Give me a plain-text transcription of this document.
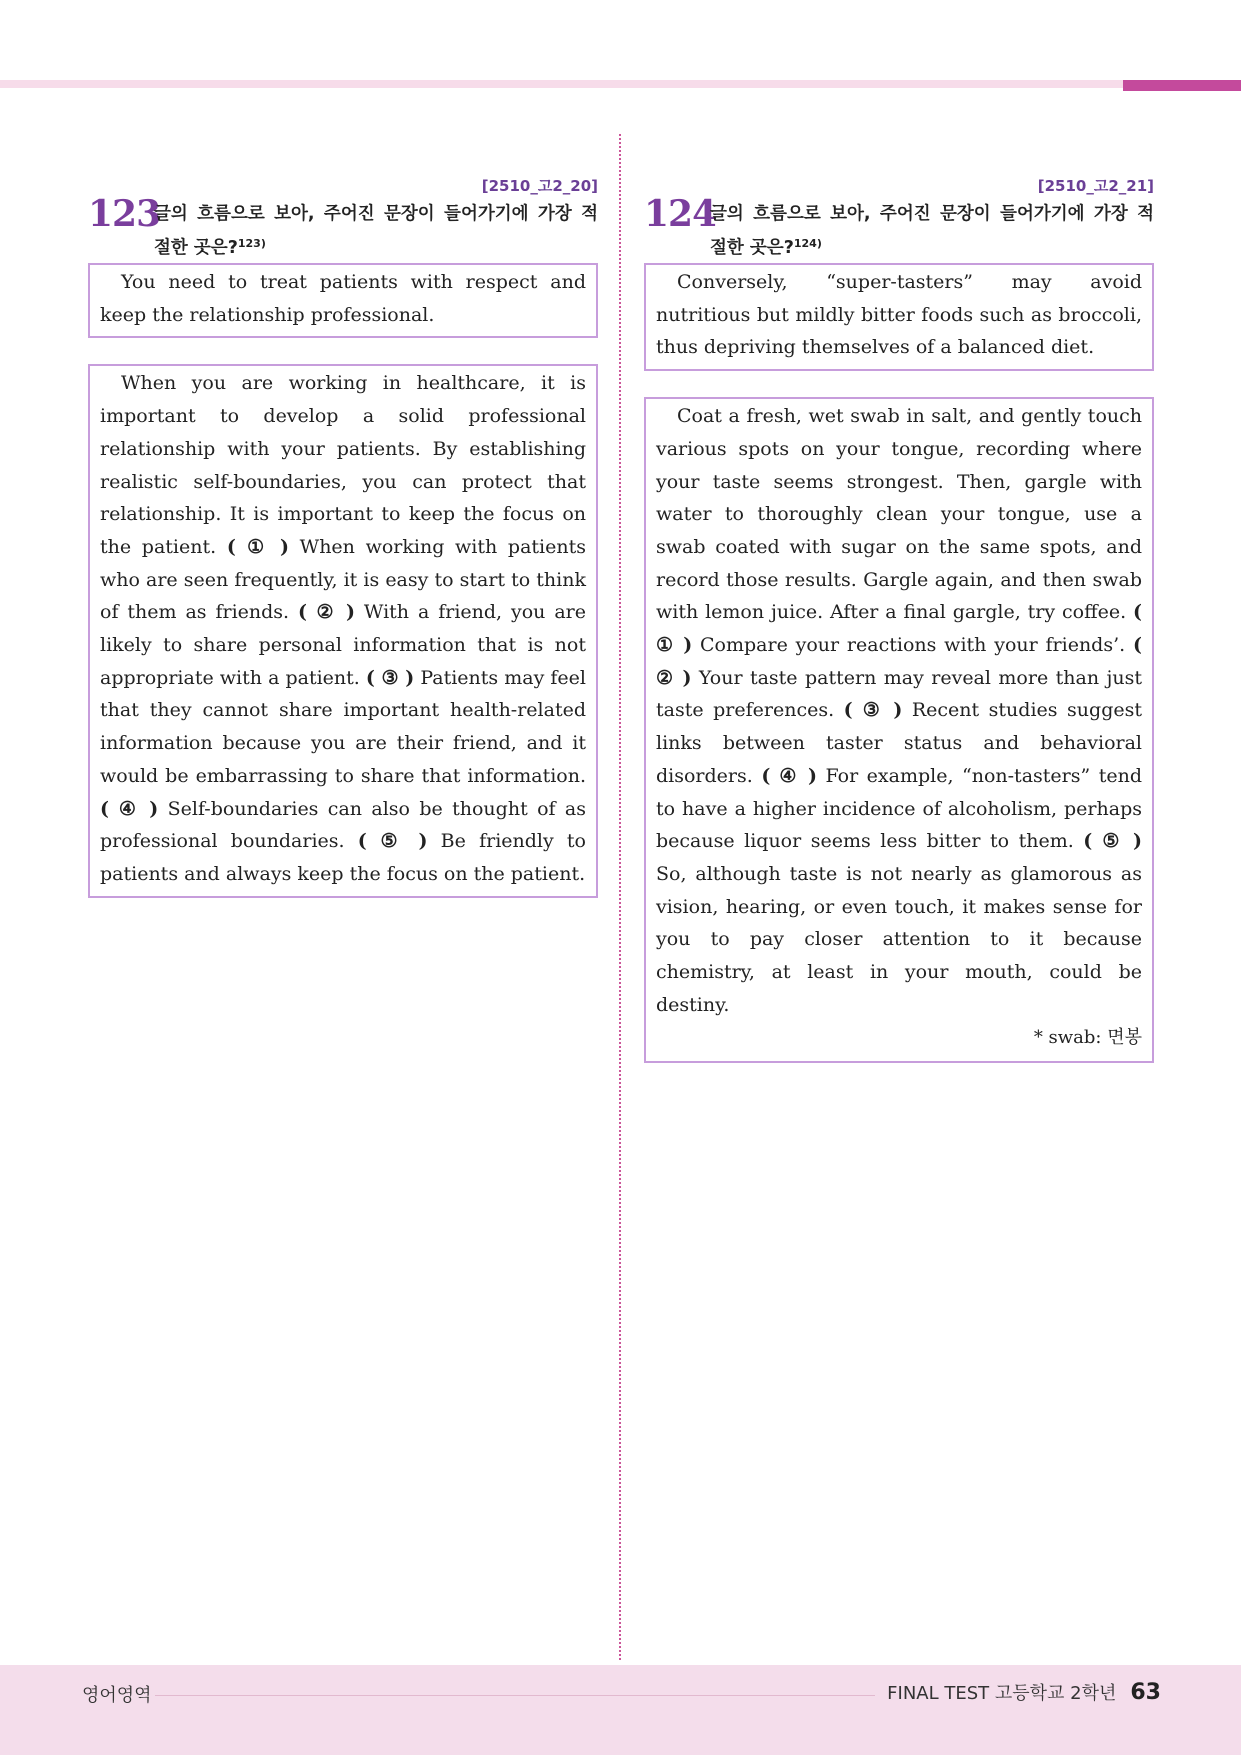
[2510_고2_20]
123
글의 흐름으로 보아, 주어진 문장이 들어가기에 가장 적
절한 곳은?$^{123)}$

You need to treat patients with respect and keep the relationship professional.

When you are working in healthcare, it is important to develop a solid professional relationship with your patients. By establishing realistic self-boundaries, you can protect that relationship. It is important to keep the focus on the patient. ( ① ) When working with patients who are seen frequently, it is easy to start to think of them as friends. ( ② ) With a friend, you are likely to share personal information that is not appropriate with a patient. ( ③ ) Patients may feel that they cannot share important health-related information because you are their friend, and it would be embarrassing to share that information. ( ④ ) Self-boundaries can also be thought of as professional boundaries. ( ⑤ ) Be friendly to patients and always keep the focus on the patient.

[2510_고2_21]
124
글의 흐름으로 보아, 주어진 문장이 들어가기에 가장 적
절한 곳은?$^{124)}$

Conversely, “super-tasters” may avoid nutritious but mildly bitter foods such as broccoli, thus depriving themselves of a balanced diet.

Coat a fresh, wet swab in salt, and gently touch various spots on your tongue, recording where your taste seems strongest. Then, gargle with water to thoroughly clean your tongue, use a swab coated with sugar on the same spots, and record those results. Gargle again, and then swab with lemon juice. After a final gargle, try coffee. ( ① ) Compare your reactions with your friends’. ( ② ) Your taste pattern may reveal more than just taste preferences. ( ③ ) Recent studies suggest links between taster status and behavioral disorders. ( ④ ) For example, “non-tasters” tend to have a higher incidence of alcoholism, perhaps because liquor seems less bitter to them. ( ⑤ ) So, although taste is not nearly as glamorous as vision, hearing, or even touch, it makes sense for you to pay closer attention to it because chemistry, at least in your mouth, could be destiny.

* swab: 면봉
영어영역	FINAL TEST 고등학교 2학년 63
